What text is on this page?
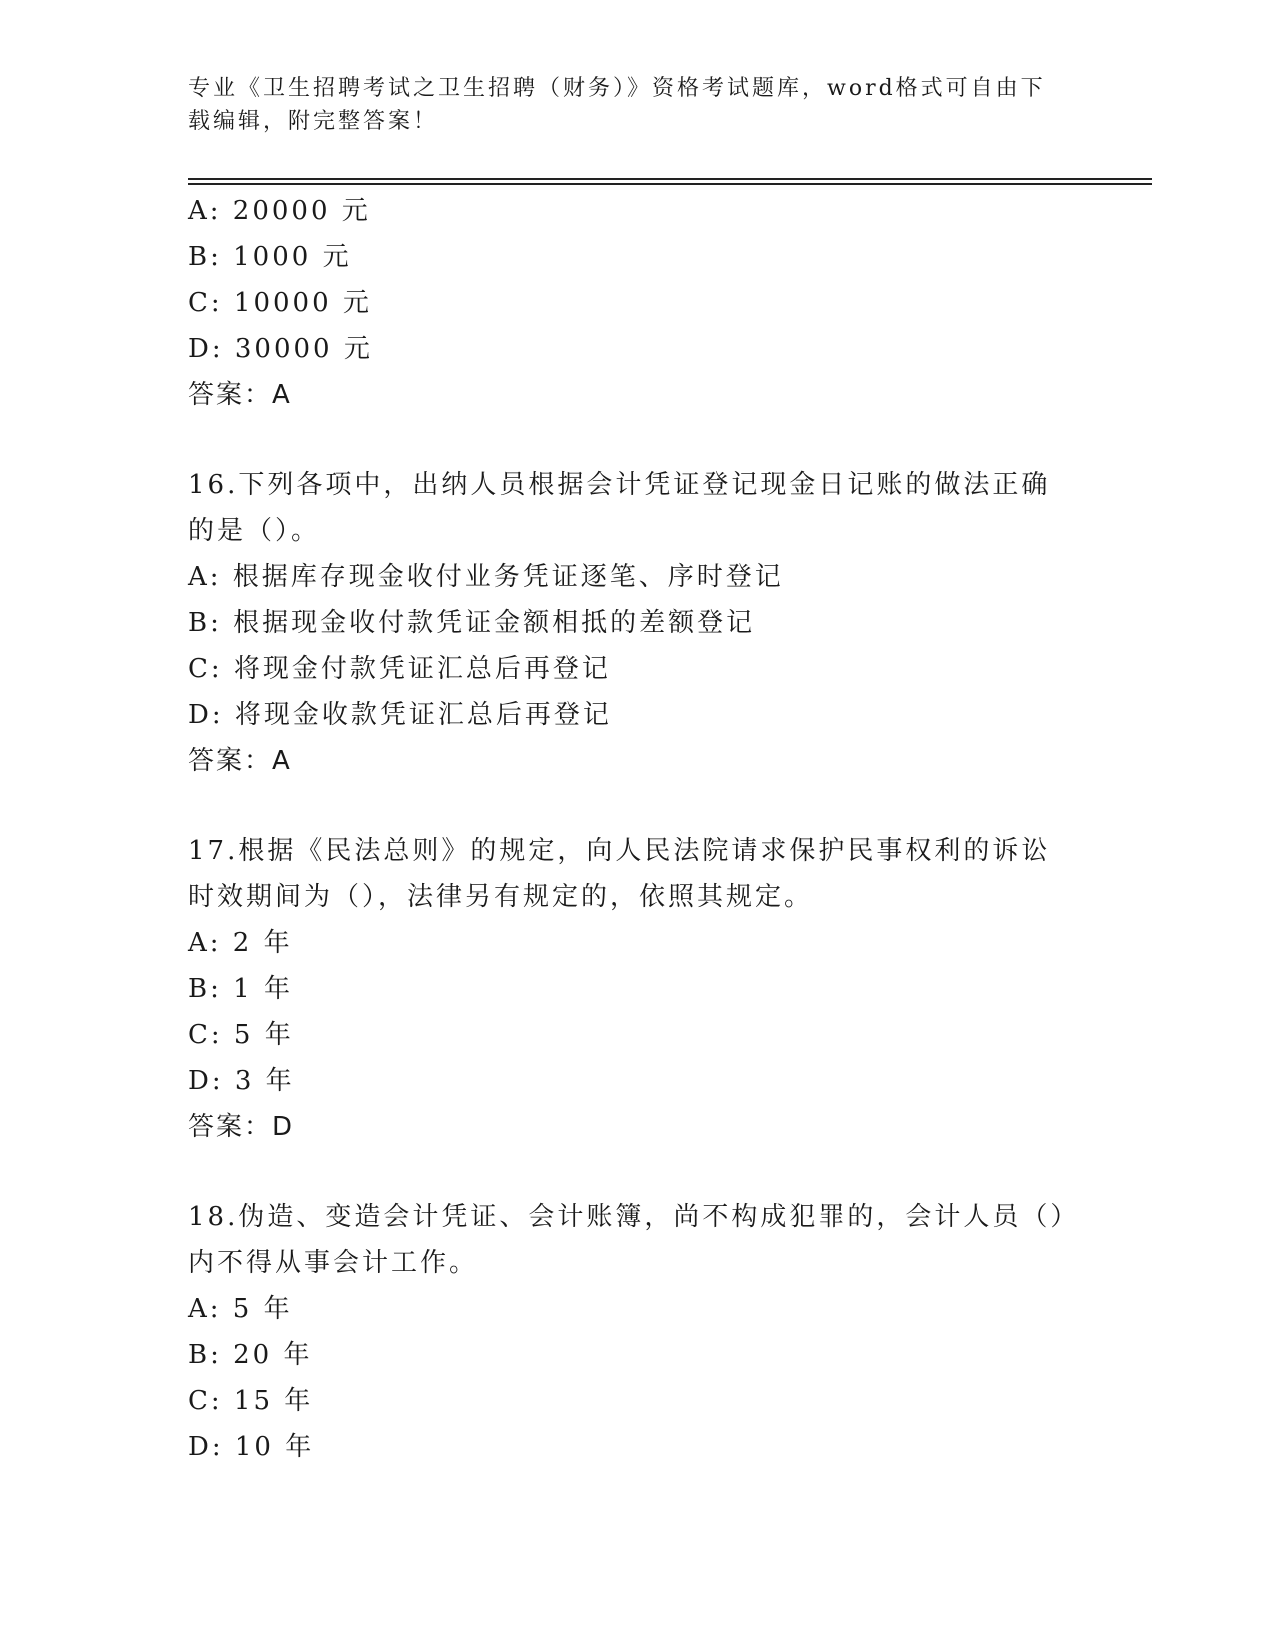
专业《卫生招聘考试之卫生招聘（财务）》资格考试题库，word格式可自由下载编辑，附完整答案！
A: 20000 元
B: 1000 元
C: 10000 元
D: 30000 元
答案：A
16.下列各项中，出纳人员根据会计凭证登记现金日记账的做法正确的是（）。
A: 根据库存现金收付业务凭证逐笔、序时登记
B: 根据现金收付款凭证金额相抵的差额登记
C: 将现金付款凭证汇总后再登记
D: 将现金收款凭证汇总后再登记
答案：A
17.根据《民法总则》的规定，向人民法院请求保护民事权利的诉讼时效期间为（），法律另有规定的，依照其规定。
A: 2 年
B: 1 年
C: 5 年
D: 3 年
答案：D
18.伪造、变造会计凭证、会计账簿，尚不构成犯罪的，会计人员（）内不得从事会计工作。
A: 5 年
B: 20 年
C: 15 年
D: 10 年
